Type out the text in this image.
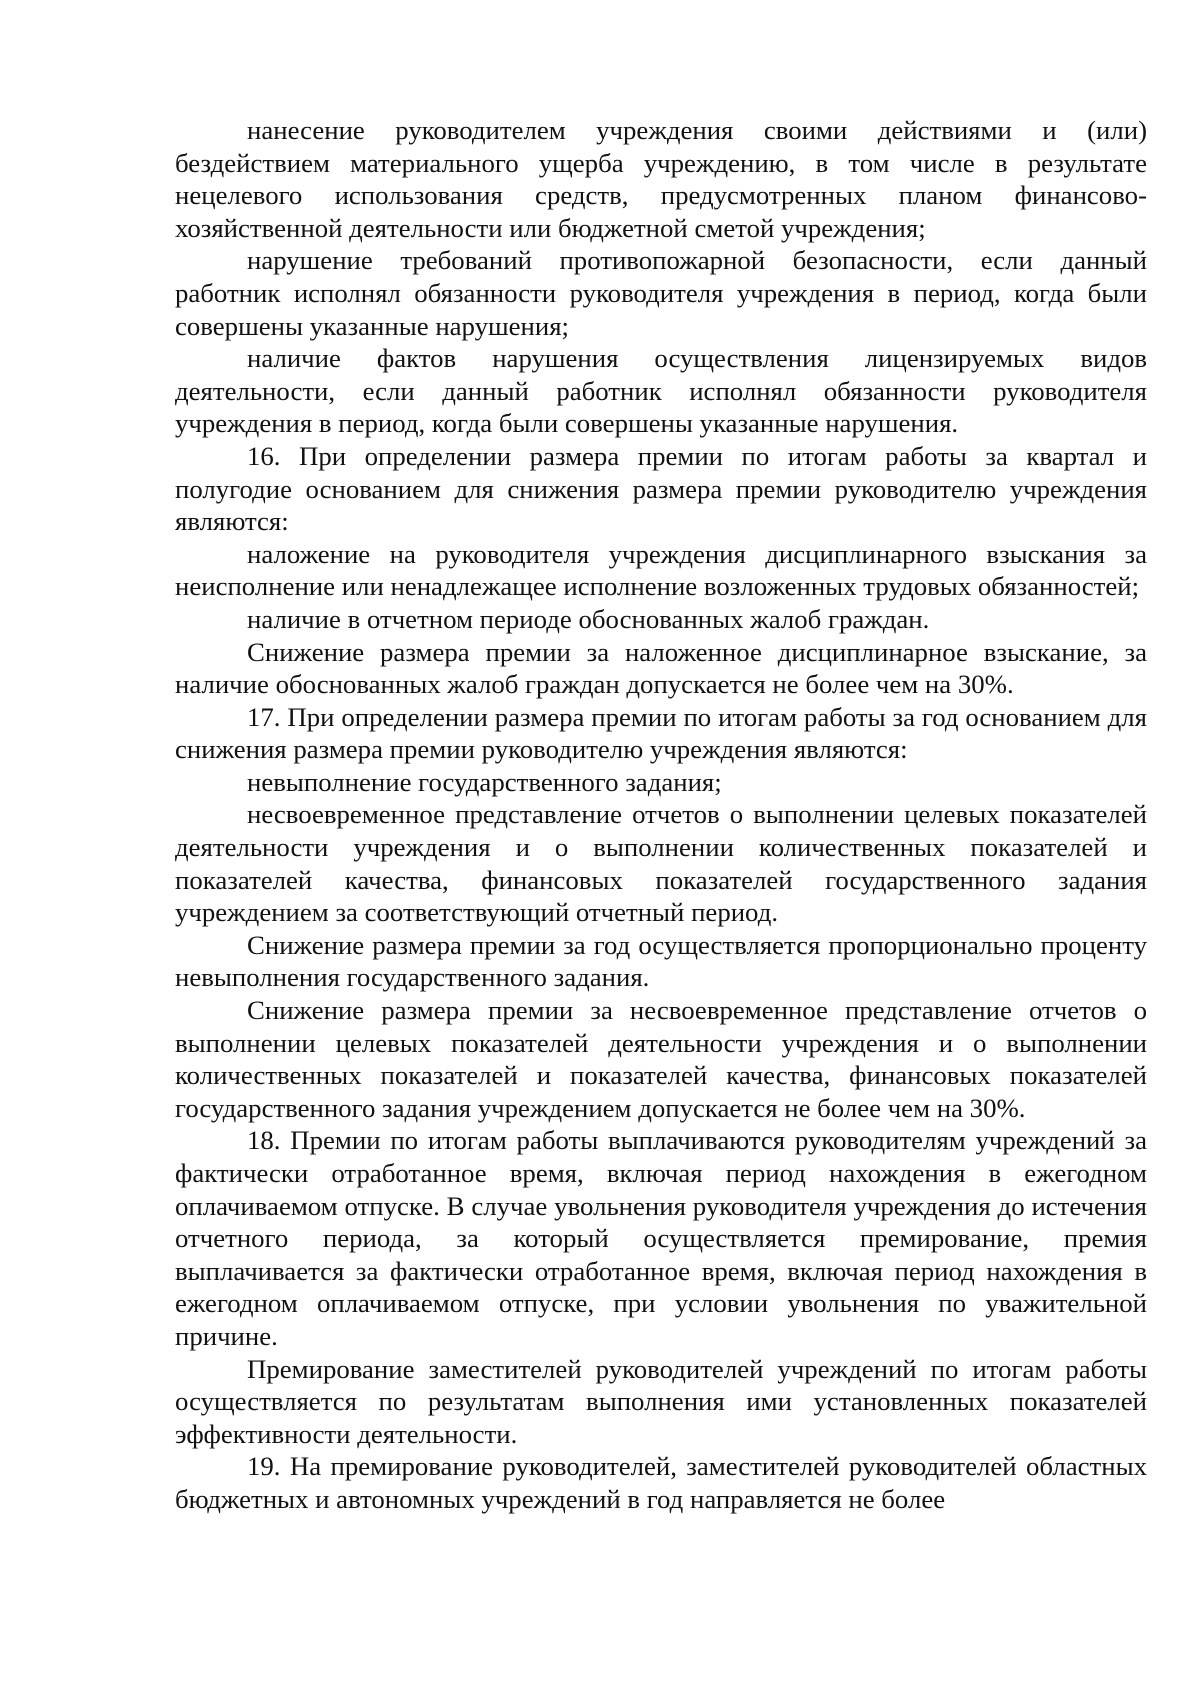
нанесение руководителем учреждения своими действиями и (или) бездействием материального ущерба учреждению, в том числе в результате нецелевого использования средств, предусмотренных планом финансово-хозяйственной деятельности или бюджетной сметой учреждения;

нарушение требований противопожарной безопасности, если данный работник исполнял обязанности руководителя учреждения в период, когда были совершены указанные нарушения;

наличие фактов нарушения осуществления лицензируемых видов деятельности, если данный работник исполнял обязанности руководителя учреждения в период, когда были совершены указанные нарушения.

16. При определении размера премии по итогам работы за квартал и полугодие основанием для снижения размера премии руководителю учреждения являются:

наложение на руководителя учреждения дисциплинарного взыскания за неисполнение или ненадлежащее исполнение возложенных трудовых обязанностей;

наличие в отчетном периоде обоснованных жалоб граждан.

Снижение размера премии за наложенное дисциплинарное взыскание, за наличие обоснованных жалоб граждан допускается не более чем на 30%.

17. При определении размера премии по итогам работы за год основанием для снижения размера премии руководителю учреждения являются:

невыполнение государственного задания;

несвоевременное представление отчетов о выполнении целевых показателей деятельности учреждения и о выполнении количественных показателей и показателей качества, финансовых показателей государственного задания учреждением за соответствующий отчетный период.

Снижение размера премии за год осуществляется пропорционально проценту невыполнения государственного задания.

Снижение размера премии за несвоевременное представление отчетов о выполнении целевых показателей деятельности учреждения и о выполнении количественных показателей и показателей качества, финансовых показателей государственного задания учреждением допускается не более чем на 30%.

18. Премии по итогам работы выплачиваются руководителям учреждений за фактически отработанное время, включая период нахождения в ежегодном оплачиваемом отпуске. В случае увольнения руководителя учреждения до истечения отчетного периода, за который осуществляется премирование, премия выплачивается за фактически отработанное время, включая период нахождения в ежегодном оплачиваемом отпуске, при условии увольнения по уважительной причине.

Премирование заместителей руководителей учреждений по итогам работы осуществляется по результатам выполнения ими установленных показателей эффективности деятельности.

19. На премирование руководителей, заместителей руководителей областных бюджетных и автономных учреждений в год направляется не более
